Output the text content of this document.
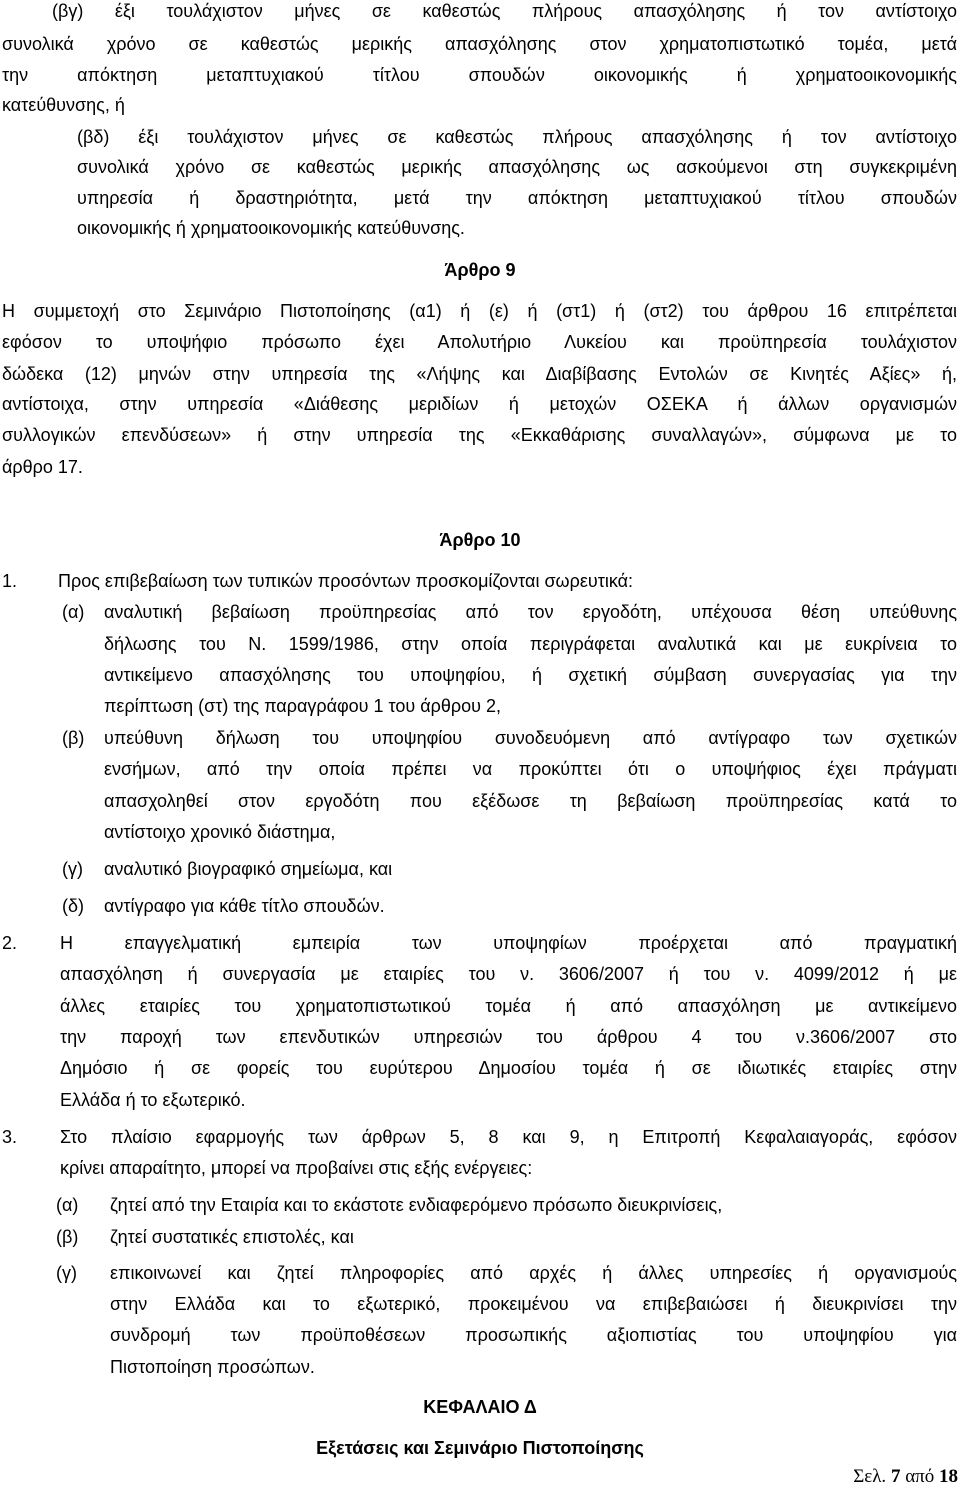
(βγ) έξι τουλάχιστον μήνες σε καθεστώς πλήρους απασχόλησης ή τον αντίστοιχο
συνολικά χρόνο σε καθεστώς μερικής απασχόλησης στον χρηματοπιστωτικό τομέα, μετά
την απόκτηση μεταπτυχιακού τίτλου σπουδών οικονομικής ή χρηματοοικονομικής
κατεύθυνσης, ή
(βδ) έξι τουλάχιστον μήνες σε καθεστώς πλήρους απασχόλησης ή τον αντίστοιχο
συνολικά χρόνο σε καθεστώς μερικής απασχόλησης ως ασκούμενοι στη συγκεκριμένη
υπηρεσία ή δραστηριότητα, μετά την απόκτηση μεταπτυχιακού τίτλου σπουδών
οικονομικής ή χρηματοοικονομικής κατεύθυνσης.
Άρθρο 9
Η συμμετοχή στο Σεμινάριο Πιστοποίησης (α1) ή (ε) ή (στ1) ή (στ2) του άρθρου 16 επιτρέπεται
εφόσον το υποψήφιο πρόσωπο έχει Απολυτήριο Λυκείου και προϋπηρεσία τουλάχιστον
δώδεκα (12) μηνών στην υπηρεσία της «Λήψης και Διαβίβασης Εντολών σε Κινητές Αξίες» ή,
αντίστοιχα, στην υπηρεσία «Διάθεσης μεριδίων ή μετοχών ΟΣΕΚΑ ή άλλων οργανισμών
συλλογικών επενδύσεων» ή στην υπηρεσία της «Εκκαθάρισης συναλλαγών», σύμφωνα με το
άρθρο 17.
Άρθρο 10
1. Προς επιβεβαίωση των τυπικών προσόντων προσκομίζονται σωρευτικά:
(α) αναλυτική βεβαίωση προϋπηρεσίας από τον εργοδότη, υπέχουσα θέση υπεύθυνης
δήλωσης του Ν. 1599/1986, στην οποία περιγράφεται αναλυτικά και με ευκρίνεια το
αντικείμενο απασχόλησης του υποψηφίου, ή σχετική σύμβαση συνεργασίας για την
περίπτωση (στ) της παραγράφου 1 του άρθρου 2,
(β) υπεύθυνη δήλωση του υποψηφίου συνοδευόμενη από αντίγραφο των σχετικών
ενσήμων, από την οποία πρέπει να προκύπτει ότι ο υποψήφιος έχει πράγματι
απασχοληθεί στον εργοδότη που εξέδωσε τη βεβαίωση προϋπηρεσίας κατά το
αντίστοιχο χρονικό διάστημα,
(γ) αναλυτικό βιογραφικό σημείωμα, και
(δ) αντίγραφο για κάθε τίτλο σπουδών.
2. Η επαγγελματική εμπειρία των υποψηφίων προέρχεται από πραγματική
απασχόληση ή συνεργασία με εταιρίες του ν. 3606/2007 ή του ν. 4099/2012 ή με
άλλες εταιρίες του χρηματοπιστωτικού τομέα ή από απασχόληση με αντικείμενο
την παροχή των επενδυτικών υπηρεσιών του άρθρου 4 του ν.3606/2007 στο
Δημόσιο ή σε φορείς του ευρύτερου Δημοσίου τομέα ή σε ιδιωτικές εταιρίες στην
Ελλάδα ή το εξωτερικό.
3. Στο πλαίσιο εφαρμογής των άρθρων 5, 8 και 9, η Επιτροπή Κεφαλαιαγοράς, εφόσον
κρίνει απαραίτητο, μπορεί να προβαίνει στις εξής ενέργειες:
(α) ζητεί από την Εταιρία και το εκάστοτε ενδιαφερόμενο πρόσωπο διευκρινίσεις,
(β) ζητεί συστατικές επιστολές, και
(γ) επικοινωνεί και ζητεί πληροφορίες από αρχές ή άλλες υπηρεσίες ή οργανισμούς
στην Ελλάδα και το εξωτερικό, προκειμένου να επιβεβαιώσει ή διευκρινίσει την
συνδρομή των προϋποθέσεων προσωπικής αξιοπιστίας του υποψηφίου για
Πιστοποίηση προσώπων.
ΚΕΦΑΛΑΙΟ Δ
Εξετάσεις και Σεμινάριο Πιστοποίησης
Σελ. 7 από 18
